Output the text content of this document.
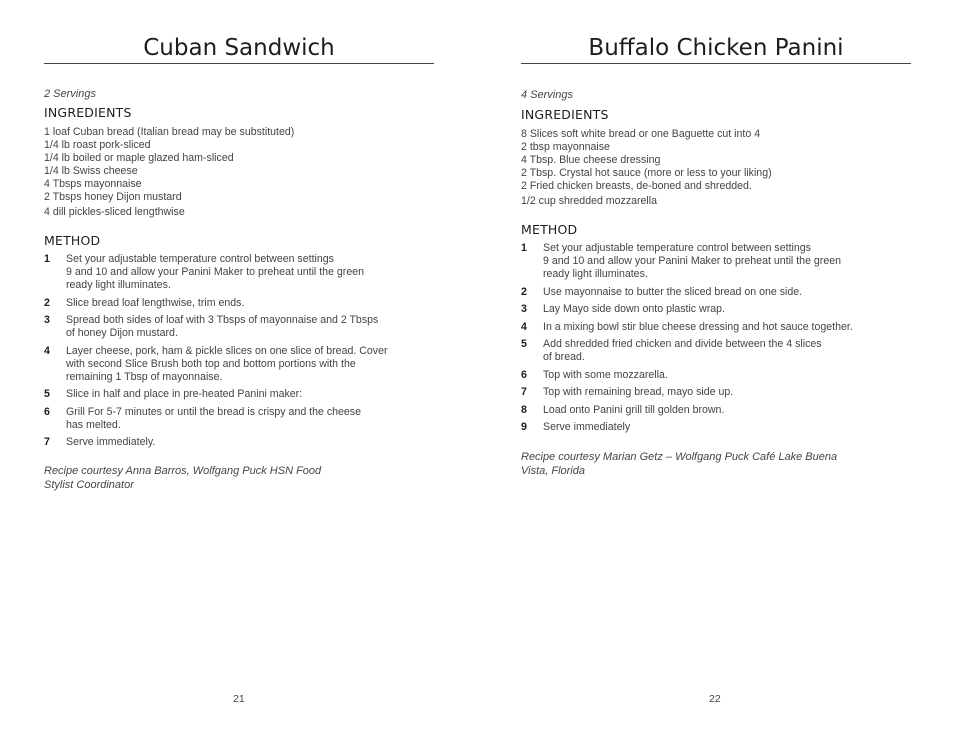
Cuban Sandwich
2 Servings
INGREDIENTS
1 loaf Cuban bread (Italian bread may be substituted)
1/4 lb roast pork-sliced
1/4 lb boiled or maple glazed ham-sliced
1/4 lb Swiss cheese
4 Tbsps mayonnaise
2 Tbsps honey Dijon mustard
4 dill pickles-sliced lengthwise
METHOD
1 Set your adjustable temperature control between settings
9 and 10 and allow your Panini Maker to preheat until the green
ready light illuminates.
2 Slice bread loaf lengthwise, trim ends.
3 Spread both sides of loaf with 3 Tbsps of mayonnaise and 2 Tbsps
of honey Dijon mustard.
4 Layer cheese, pork, ham & pickle slices on one slice of bread. Cover
with second Slice Brush both top and bottom portions with the
remaining 1 Tbsp of mayonnaise.
5 Slice in half and place in pre-heated Panini maker:
6 Grill For 5-7 minutes or until the bread is crispy and the cheese
has melted.
7 Serve immediately.
Recipe courtesy Anna Barros, Wolfgang Puck HSN Food
Stylist Coordinator
21
Buffalo Chicken Panini
4 Servings
INGREDIENTS
8 Slices soft white bread or one Baguette cut into 4
2 tbsp mayonnaise
4 Tbsp. Blue cheese dressing
2 Tbsp. Crystal hot sauce (more or less to your liking)
2 Fried chicken breasts, de-boned and shredded.
1/2 cup shredded mozzarella
METHOD
1 Set your adjustable temperature control between settings
9 and 10 and allow your Panini Maker to preheat until the green
ready light illuminates.
2 Use mayonnaise to butter the sliced bread on one side.
3 Lay Mayo side down onto plastic wrap.
4 In a mixing bowl stir blue cheese dressing and hot sauce together.
5 Add shredded fried chicken and divide between the 4 slices
of bread.
6 Top with some mozzarella.
7 Top with remaining bread, mayo side up.
8 Load onto Panini grill till golden brown.
9 Serve immediately
Recipe courtesy Marian Getz – Wolfgang Puck Café Lake Buena
Vista, Florida
22
